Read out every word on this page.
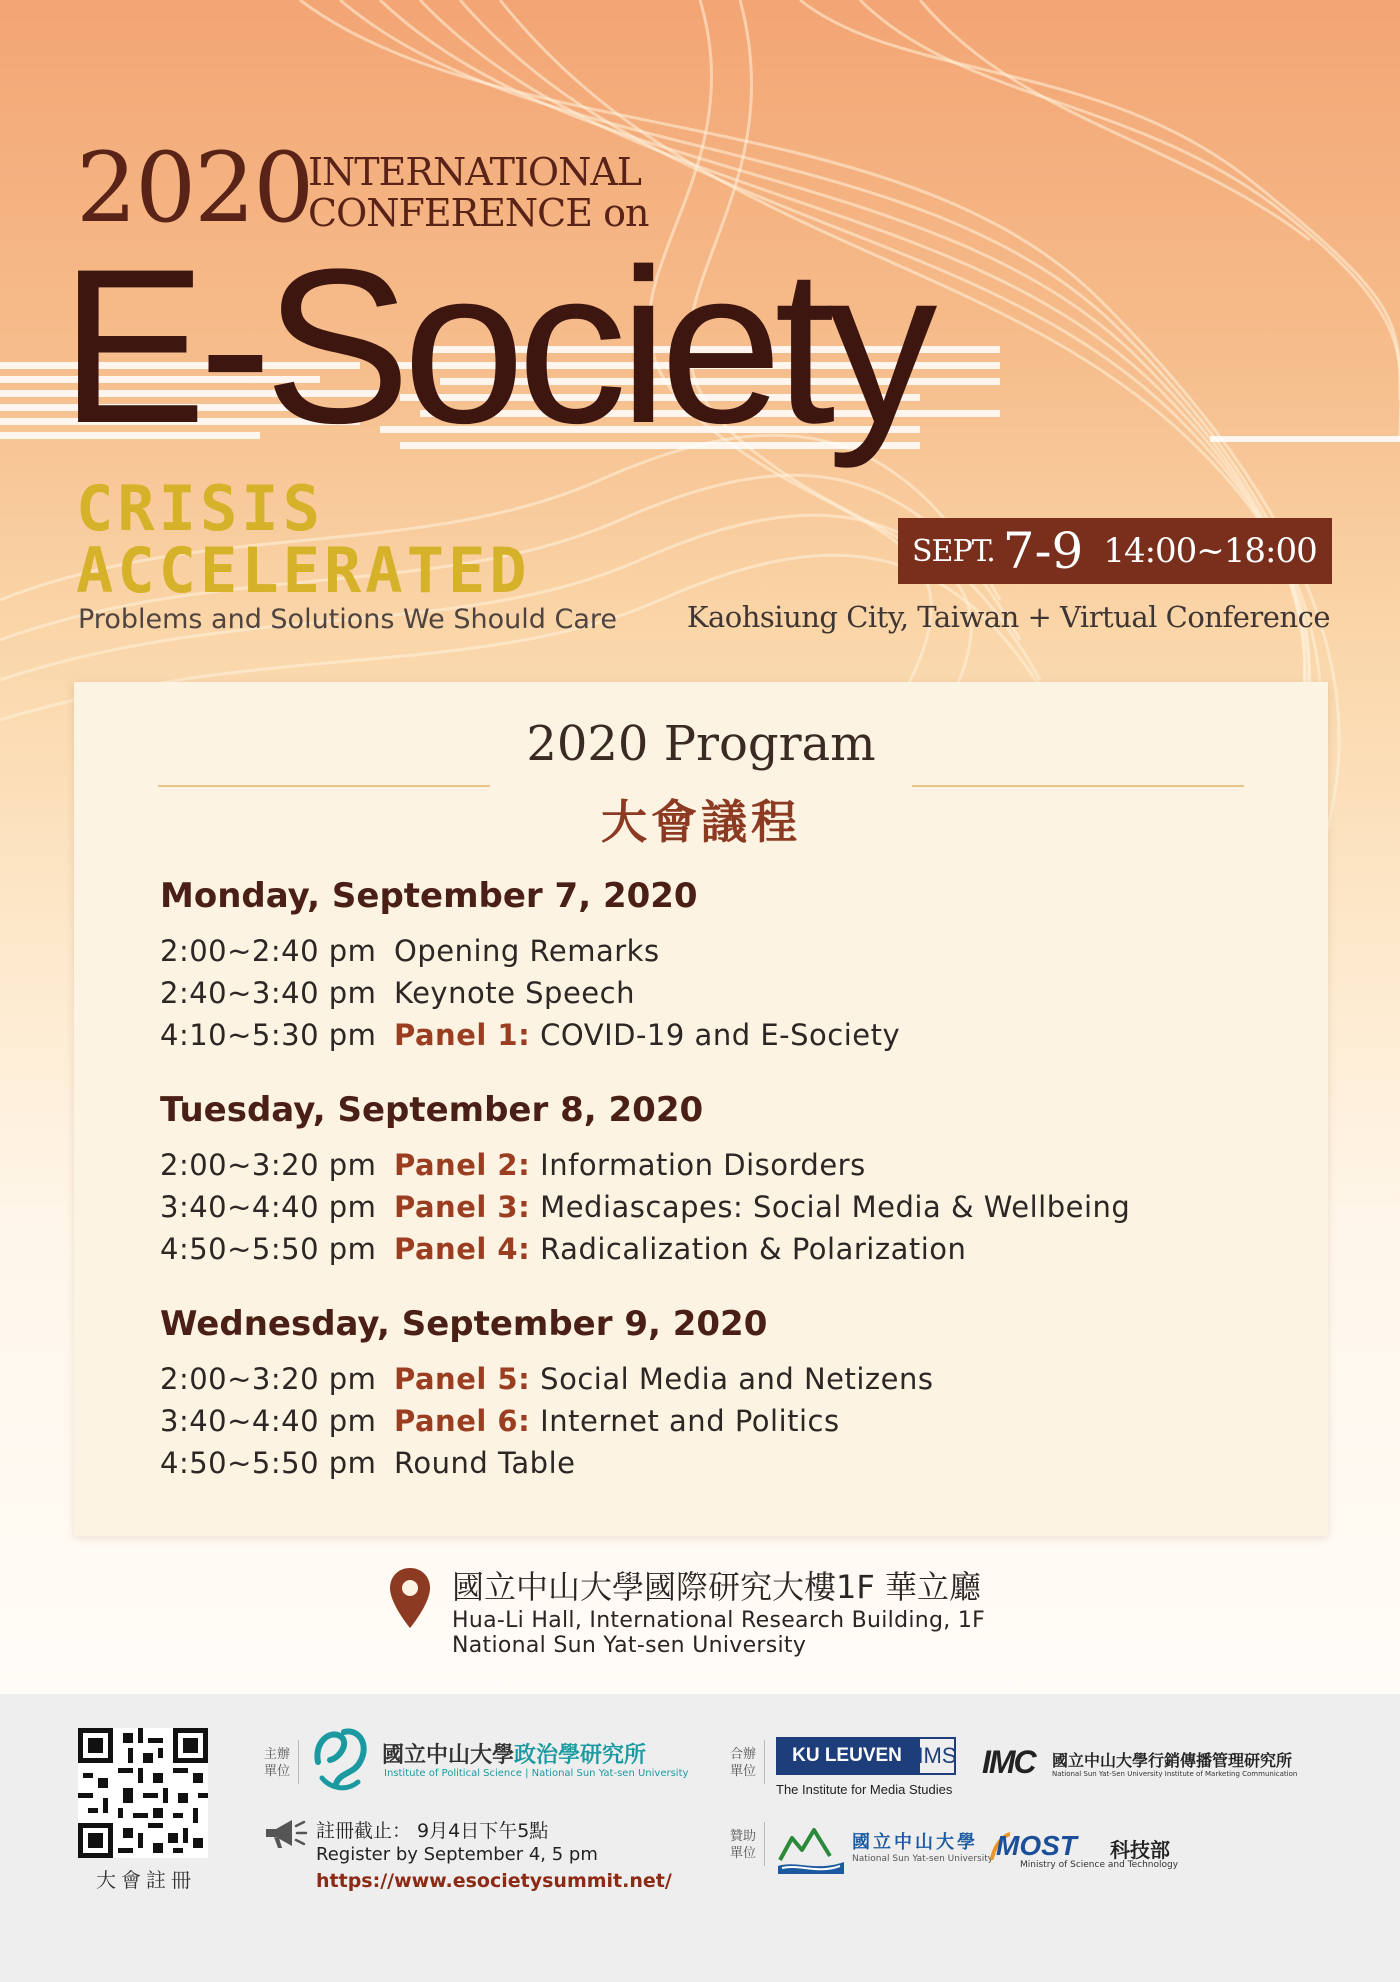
2020
INTERNATIONAL
CONFERENCE on
E-Society
CRISIS
ACCELERATED
Problems and Solutions We Should Care
SEPT. 7-9 14:00~18:00
Kaohsiung City, Taiwan + Virtual Conference
2020 Program
大會議程
Monday, September 7, 2020
2:00~2:40 pm Opening Remarks
2:40~3:40 pm Keynote Speech
4:10~5:30 pm Panel 1: COVID-19 and E-Society
Tuesday, September 8, 2020
2:00~3:20 pm Panel 2: Information Disorders
3:40~4:40 pm Panel 3: Mediascapes: Social Media & Wellbeing
4:50~5:50 pm Panel 4: Radicalization & Polarization
Wednesday, September 9, 2020
2:00~3:20 pm Panel 5: Social Media and Netizens
3:40~4:40 pm Panel 6: Internet and Politics
4:50~5:50 pm Round Table
國立中山大學國際研究大樓1F 華立廳
Hua-Li Hall, International Research Building, 1F
National Sun Yat-sen University
大會註冊
主辦單位
國立中山大學政治學研究所
Institute of Political Science | National Sun Yat-sen University
註冊截止： 9月4日下午5點
Register by September 4, 5 pm
https://www.esocietysummit.net/
合辦單位
KU LEUVEN IMS
The Institute for Media Studies
IMC 國立中山大學行銷傳播管理研究所
National Sun Yat-Sen University Institute of Marketing Communication
贊助單位
國立中山大學
National Sun Yat-sen University MOST 科技部
Ministry of Science and Technology
